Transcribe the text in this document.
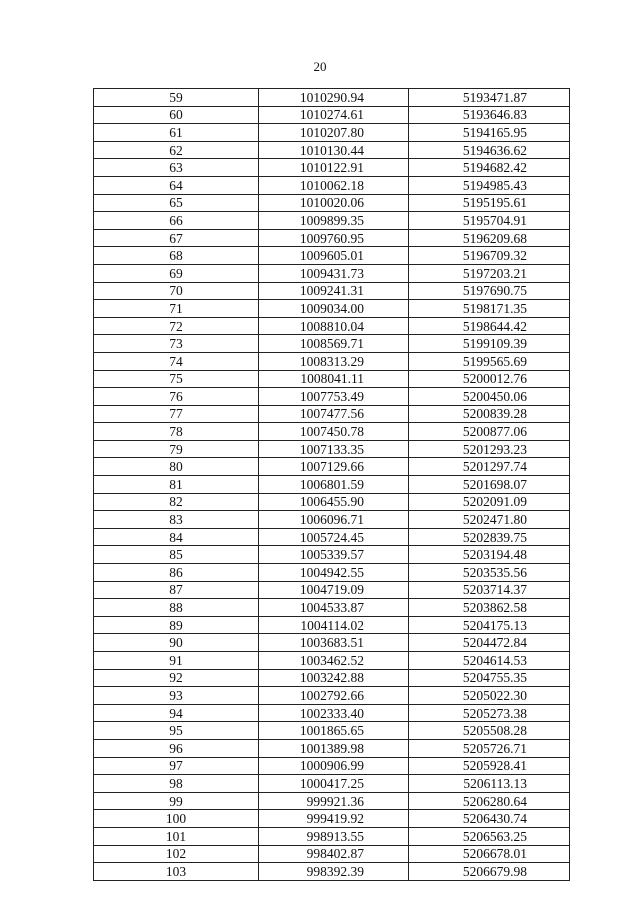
20
59	1010290.94	5193471.87
60	1010274.61	5193646.83
61	1010207.80	5194165.95
62	1010130.44	5194636.62
63	1010122.91	5194682.42
64	1010062.18	5194985.43
65	1010020.06	5195195.61
66	1009899.35	5195704.91
67	1009760.95	5196209.68
68	1009605.01	5196709.32
69	1009431.73	5197203.21
70	1009241.31	5197690.75
71	1009034.00	5198171.35
72	1008810.04	5198644.42
73	1008569.71	5199109.39
74	1008313.29	5199565.69
75	1008041.11	5200012.76
76	1007753.49	5200450.06
77	1007477.56	5200839.28
78	1007450.78	5200877.06
79	1007133.35	5201293.23
80	1007129.66	5201297.74
81	1006801.59	5201698.07
82	1006455.90	5202091.09
83	1006096.71	5202471.80
84	1005724.45	5202839.75
85	1005339.57	5203194.48
86	1004942.55	5203535.56
87	1004719.09	5203714.37
88	1004533.87	5203862.58
89	1004114.02	5204175.13
90	1003683.51	5204472.84
91	1003462.52	5204614.53
92	1003242.88	5204755.35
93	1002792.66	5205022.30
94	1002333.40	5205273.38
95	1001865.65	5205508.28
96	1001389.98	5205726.71
97	1000906.99	5205928.41
98	1000417.25	5206113.13
99	999921.36	5206280.64
100	999419.92	5206430.74
101	998913.55	5206563.25
102	998402.87	5206678.01
103	998392.39	5206679.98
